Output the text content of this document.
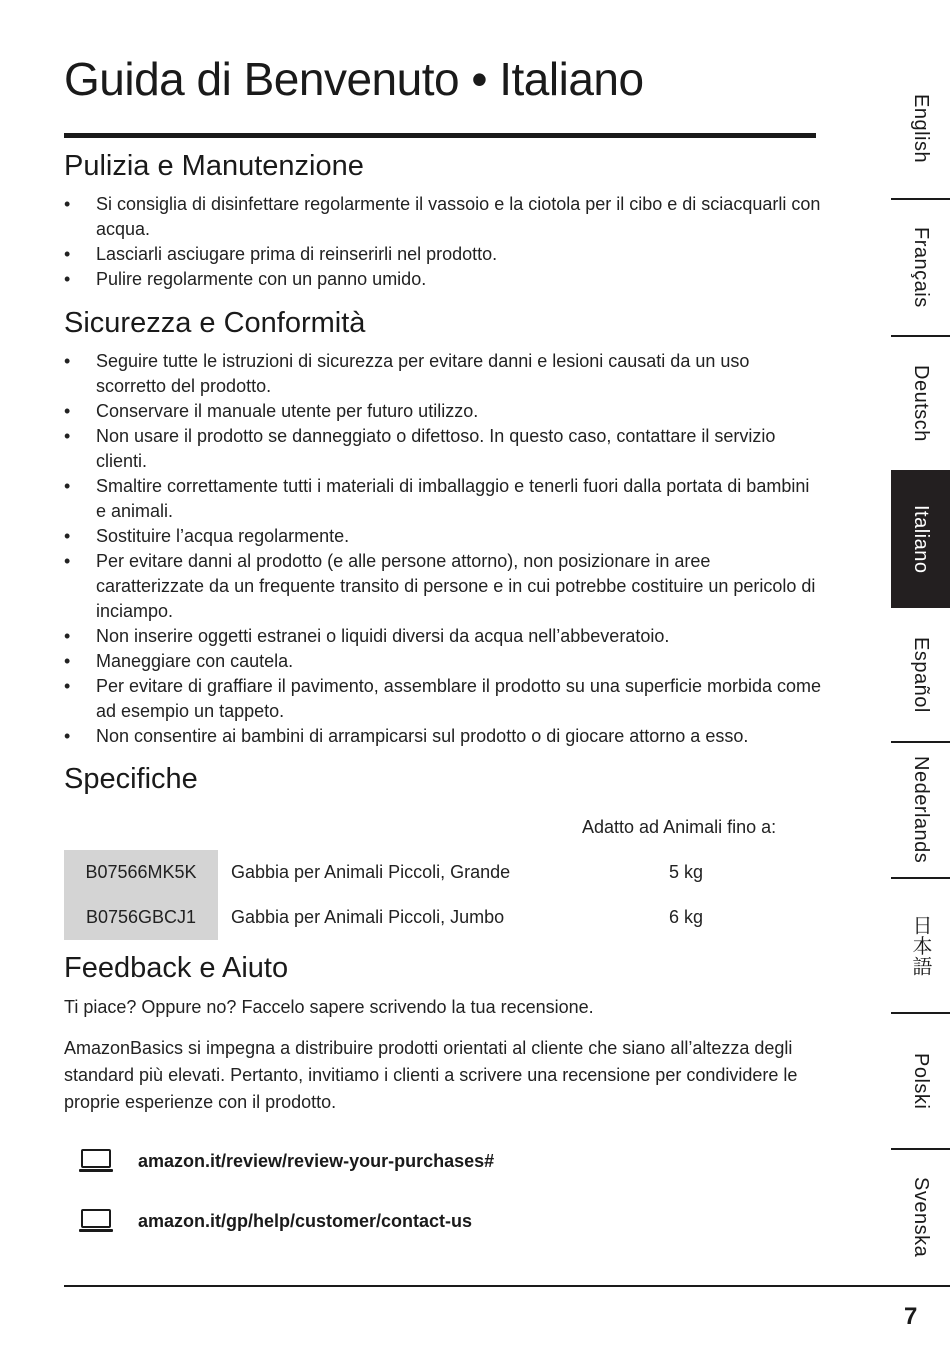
Guida di Benvenuto • Italiano
Pulizia e Manutenzione
• Si consiglia di disinfettare regolarmente il vassoio e la ciotola per il cibo e di sciacquarli con acqua.
• Lasciarli asciugare prima di reinserirli nel prodotto.
• Pulire regolarmente con un panno umido.
Sicurezza e Conformità
• Seguire tutte le istruzioni di sicurezza per evitare danni e lesioni causati da un uso scorretto del prodotto.
• Conservare il manuale utente per futuro utilizzo.
• Non usare il prodotto se danneggiato o difettoso. In questo caso, contattare il servizio clienti.
• Smaltire correttamente tutti i materiali di imballaggio e tenerli fuori dalla portata di bambini e animali.
• Sostituire l’acqua regolarmente.
• Per evitare danni al prodotto (e alle persone attorno), non posizionare in aree caratterizzate da un frequente transito di persone e in cui potrebbe costituire un pericolo di inciampo.
• Non inserire oggetti estranei o liquidi diversi da acqua nell’abbeveratoio.
• Maneggiare con cautela.
• Per evitare di graffiare il pavimento, assemblare il prodotto su una superficie morbida come ad esempio un tappeto.
• Non consentire ai bambini di arrampicarsi sul prodotto o di giocare attorno a esso.
Specifiche
Adatto ad Animali fino a:
B07566MK5K	Gabbia per Animali Piccoli, Grande	5 kg
B0756GBCJ1	Gabbia per Animali Piccoli, Jumbo	6 kg
Feedback e Aiuto

Ti piace? Oppure no? Faccelo sapere scrivendo la tua recensione.

AmazonBasics si impegna a distribuire prodotti orientati al cliente che siano all’altezza degli standard più elevati. Pertanto, invitiamo i clienti a scrivere una recensione per condividere le proprie esperienze con il prodotto.

amazon.it/review/review-your-purchases#
amazon.it/gp/help/customer/contact-us
7
English
Français
Deutsch
Italiano
Español
Nederlands
日本語
Polski
Svenska
